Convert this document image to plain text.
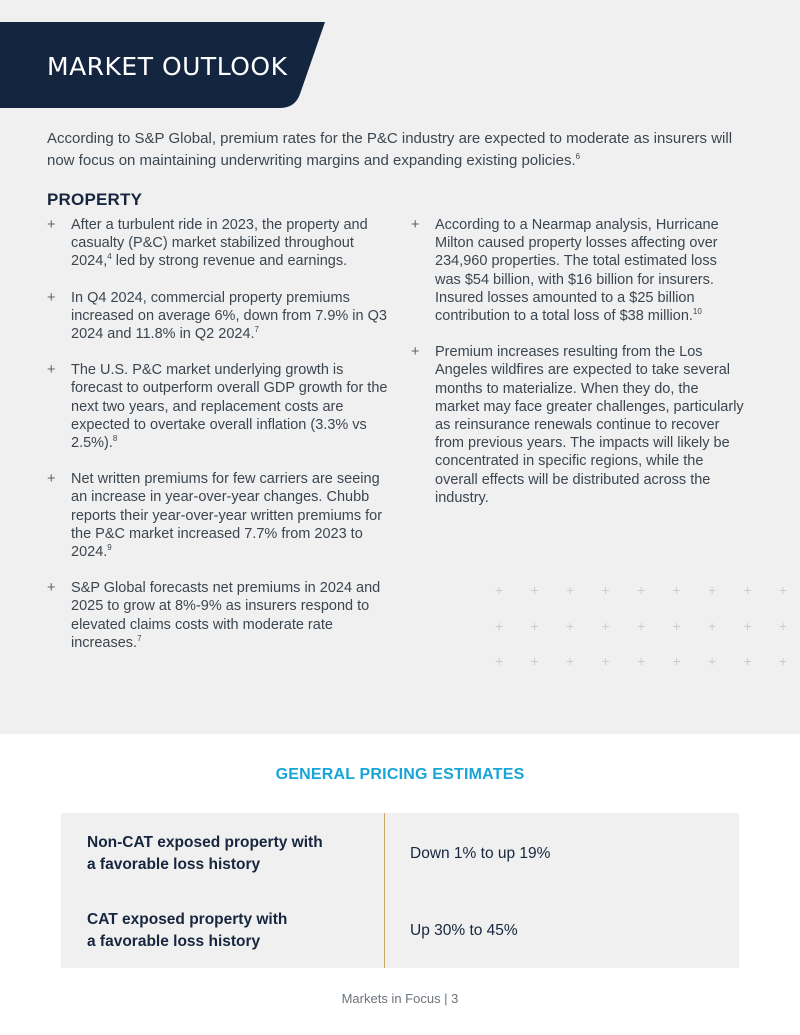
MARKET OUTLOOK

According to S&P Global, premium rates for the P&C industry are expected to moderate as insurers will now focus on maintaining underwriting margins and expanding existing policies.$^6$

PROPERTY
+ After a turbulent ride in 2023, the property and casualty (P&C) market stabilized throughout 2024,$^4$ led by strong revenue and earnings.
+ In Q4 2024, commercial property premiums increased on average 6%, down from 7.9% in Q3 2024 and 11.8% in Q2 2024.$^7$
+ The U.S. P&C market underlying growth is forecast to outperform overall GDP growth for the next two years, and replacement costs are expected to overtake overall inflation (3.3% vs 2.5%).$^8$
+ Net written premiums for few carriers are seeing an increase in year-over-year changes. Chubb reports their year-over-year written premiums for the P&C market increased 7.7% from 2023 to 2024.$^9$
+ S&P Global forecasts net premiums in 2024 and 2025 to grow at 8%-9% as insurers respond to elevated claims costs with moderate rate increases.$^7$
+ According to a Nearmap analysis, Hurricane Milton caused property losses affecting over 234,960 properties. The total estimated loss was $54 billion, with $16 billion for insurers. Insured losses amounted to a $25 billion contribution to a total loss of $38 million.$^{10}$
+ Premium increases resulting from the Los Angeles wildfires are expected to take several months to materialize. When they do, the market may face greater challenges, particularly as reinsurance renewals continue to recover from previous years. The impacts will likely be concentrated in specific regions, while the overall effects will be distributed across the industry.
+ + + + + + + + +
+ + + + + + + + +
+ + + + + + + + +
GENERAL PRICING ESTIMATES

Non-CAT exposed property with
a favorable loss history

Down 1% to up 19%

CAT exposed property with
a favorable loss history

Up 30% to 45%

Markets in Focus | 3
